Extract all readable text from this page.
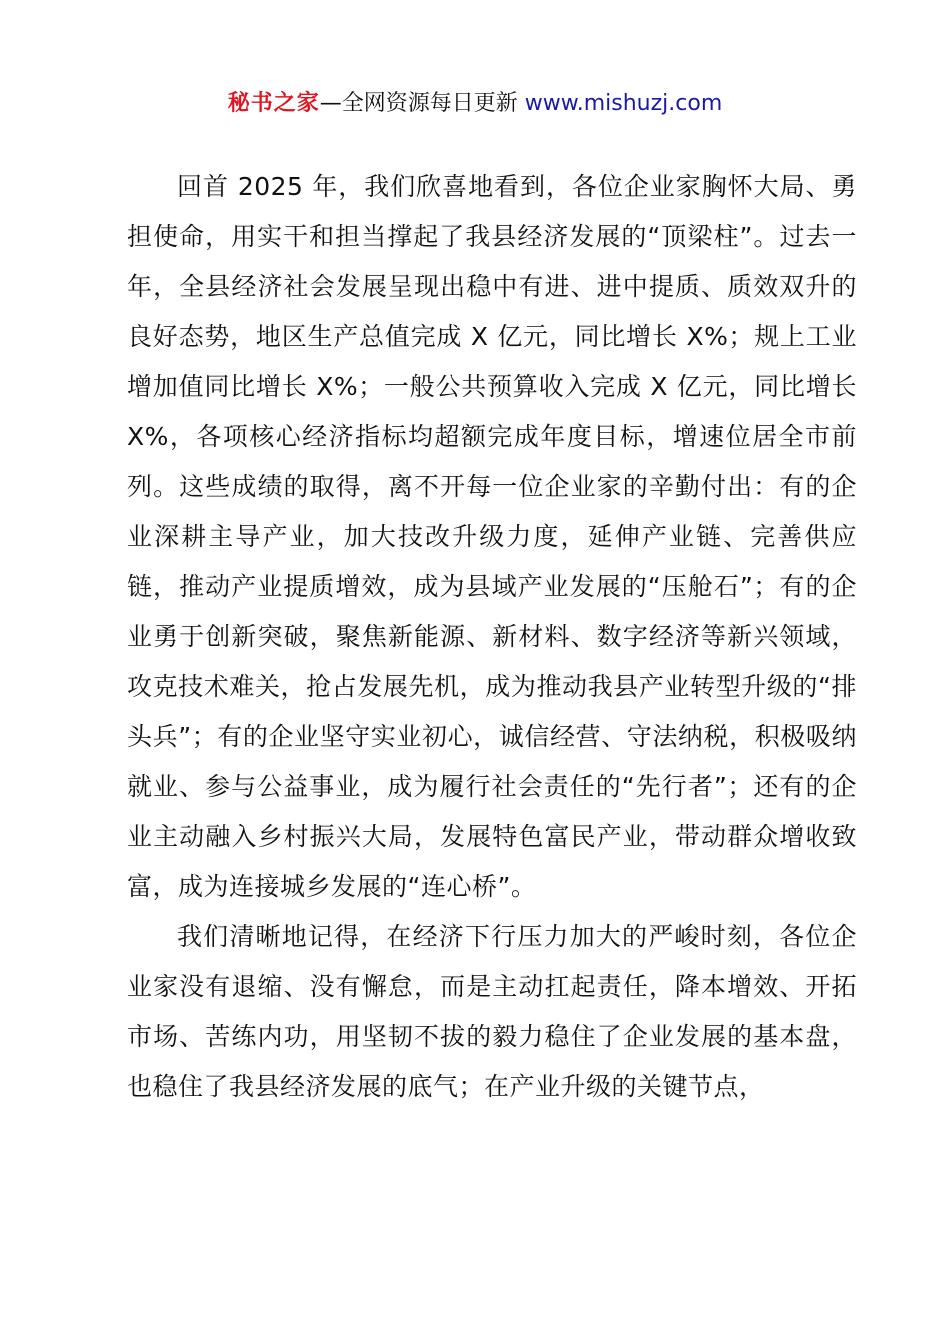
秘书之家—全网资源每日更新 www.mishuzj.com

回首 2025 年，我们欣喜地看到，各位企业家胸怀大局、勇担使命，用实干和担当撑起了我县经济发展的“顶梁柱”。过去一年，全县经济社会发展呈现出稳中有进、进中提质、质效双升的良好态势，地区生产总值完成 X 亿元，同比增长 X%；规上工业增加值同比增长 X%；一般公共预算收入完成 X 亿元，同比增长 X%，各项核心经济指标均超额完成年度目标，增速位居全市前列。这些成绩的取得，离不开每一位企业家的辛勤付出：有的企业深耕主导产业，加大技改升级力度，延伸产业链、完善供应链，推动产业提质增效，成为县域产业发展的“压舱石”；有的企业勇于创新突破，聚焦新能源、新材料、数字经济等新兴领域，攻克技术难关，抢占发展先机，成为推动我县产业转型升级的“排头兵”；有的企业坚守实业初心，诚信经营、守法纳税，积极吸纳就业、参与公益事业，成为履行社会责任的“先行者”；还有的企业主动融入乡村振兴大局，发展特色富民产业，带动群众增收致富，成为连接城乡发展的“连心桥”。

我们清晰地记得，在经济下行压力加大的严峻时刻，各位企业家没有退缩、没有懈怠，而是主动扛起责任，降本增效、开拓市场、苦练内功，用坚韧不拔的毅力稳住了企业发展的基本盘，也稳住了我县经济发展的底气；在产业升级的关键节点，
